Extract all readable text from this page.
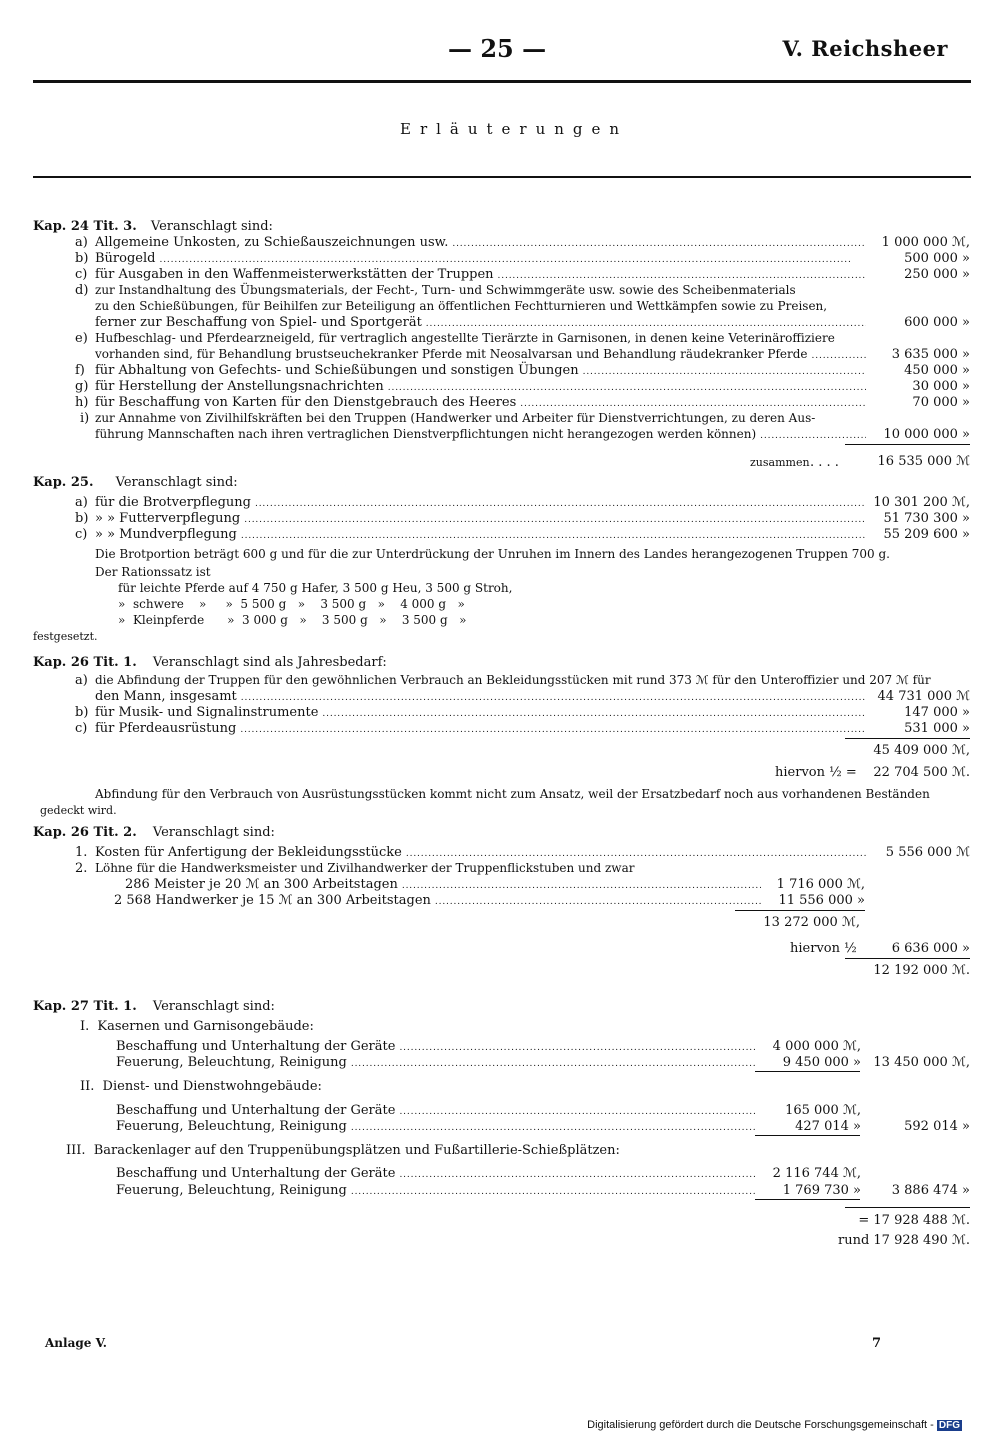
— 25 —	V. Reichsheer
Erläuterungen
Kap. 24 Tit. 3. Veranschlagt sind:
a) Allgemeine Unkosten, zu Schießauszeichnungen usw. . . .	1 000 000 ℳ,
b) Bürogeld . . .	500 000 »
c) für Ausgaben in den Waffenmeisterwerkstätten der Truppen . . .	250 000 »
d) zur Instandhaltung des Übungsmaterials, der Fecht-, Turn- und Schwimmgeräte usw. sowie des Scheibenmaterials
zu den Schießübungen, für Beihilfen zur Beteiligung an öffentlichen Fechtturnieren und Wettkämpfen sowie zu Preisen,
ferner zur Beschaffung von Spiel- und Sportgerät . . .	600 000 »
e) Hufbeschlag- und Pferdearzneigeld, für vertraglich angestellte Tierärzte in Garnisonen, in denen keine Veterinäroffiziere
vorhanden sind, für Behandlung brustseuchekranker Pferde mit Neosalvarsan und Behandlung räudekranker Pferde . . .	3 635 000 »
f) für Abhaltung von Gefechts- und Schießübungen und sonstigen Übungen . . .	450 000 »
g) für Herstellung der Anstellungsnachrichten . . .	30 000 »
h) für Beschaffung von Karten für den Dienstgebrauch des Heeres . . .	70 000 »
i) zur Annahme von Zivilhilfskräften bei den Truppen (Handwerker und Arbeiter für Dienstverrichtungen, zu deren Aus-
führung Mannschaften nach ihren vertraglichen Dienstverpflichtungen nicht herangezogen werden können) . . .	10 000 000 »
zusammen . . . .	16 535 000 ℳ
Kap. 25. Veranschlagt sind:
a) für die Brotverpflegung . . .	10 301 200 ℳ,
b) » » Futterverpflegung . . .	51 730 300 »
c) » » Mundverpflegung . . .	55 209 600 »
Die Brotportion beträgt 600 g und für die zur Unterdrückung der Unruhen im Innern des Landes herangezogenen Truppen 700 g.
Der Rationssatz ist
für leichte Pferde auf 4 750 g Hafer, 3 500 g Heu, 3 500 g Stroh,
»  schwere    »     »  5 500 g   »    3 500 g   »    4 000 g   »
»  Kleinpferde      »  3 000 g   »    3 500 g   »    3 500 g   »
festgesetzt.
Kap. 26 Tit. 1. Veranschlagt sind als Jahresbedarf:
a) die Abfindung der Truppen für den gewöhnlichen Verbrauch an Bekleidungsstücken mit rund 373 ℳ für den Unteroffizier und 207 ℳ für
den Mann, insgesamt . . .	44 731 000 ℳ
b) für Musik- und Signalinstrumente . . .	147 000 »
c) für Pferdeausrüstung . . .	531 000 »
45 409 000 ℳ,
hiervon ½ = 22 704 500 ℳ.
Abfindung für den Verbrauch von Ausrüstungsstücken kommt nicht zum Ansatz, weil der Ersatzbedarf noch aus vorhandenen Beständen
gedeckt wird.
Kap. 26 Tit. 2. Veranschlagt sind:
1. Kosten für Anfertigung der Bekleidungsstücke . . .	5 556 000 ℳ
2. Löhne für die Handwerksmeister und Zivilhandwerker der Truppenflickstuben und zwar
286 Meister je 20 ℳ an 300 Arbeitstagen . . .	1 716 000 ℳ,
2 568 Handwerker je 15 ℳ an 300 Arbeitstagen . . .	11 556 000 »
13 272 000 ℳ,
hiervon ½	6 636 000 »
12 192 000 ℳ.
Kap. 27 Tit. 1. Veranschlagt sind:
I. Kasernen und Garnisongebäude:
Beschaffung und Unterhaltung der Geräte . . .	4 000 000 ℳ,
Feuerung, Beleuchtung, Reinigung . . .	9 450 000 » 13 450 000 ℳ,
II. Dienst- und Dienstwohngebäude:
Beschaffung und Unterhaltung der Geräte . . .	165 000 ℳ,
Feuerung, Beleuchtung, Reinigung . . .	427 014 »	592 014 »
III. Barackenlager auf den Truppenübungsplätzen und Fußartillerie-Schießplätzen:
Beschaffung und Unterhaltung der Geräte . . .	2 116 744 ℳ,
Feuerung, Beleuchtung, Reinigung . . .	1 769 730 » 3 886 474 »
= 17 928 488 ℳ.
rund 17 928 490 ℳ.
Anlage V.	7
Digitalisierung gefördert durch die Deutsche Forschungsgemeinschaft - DFG
